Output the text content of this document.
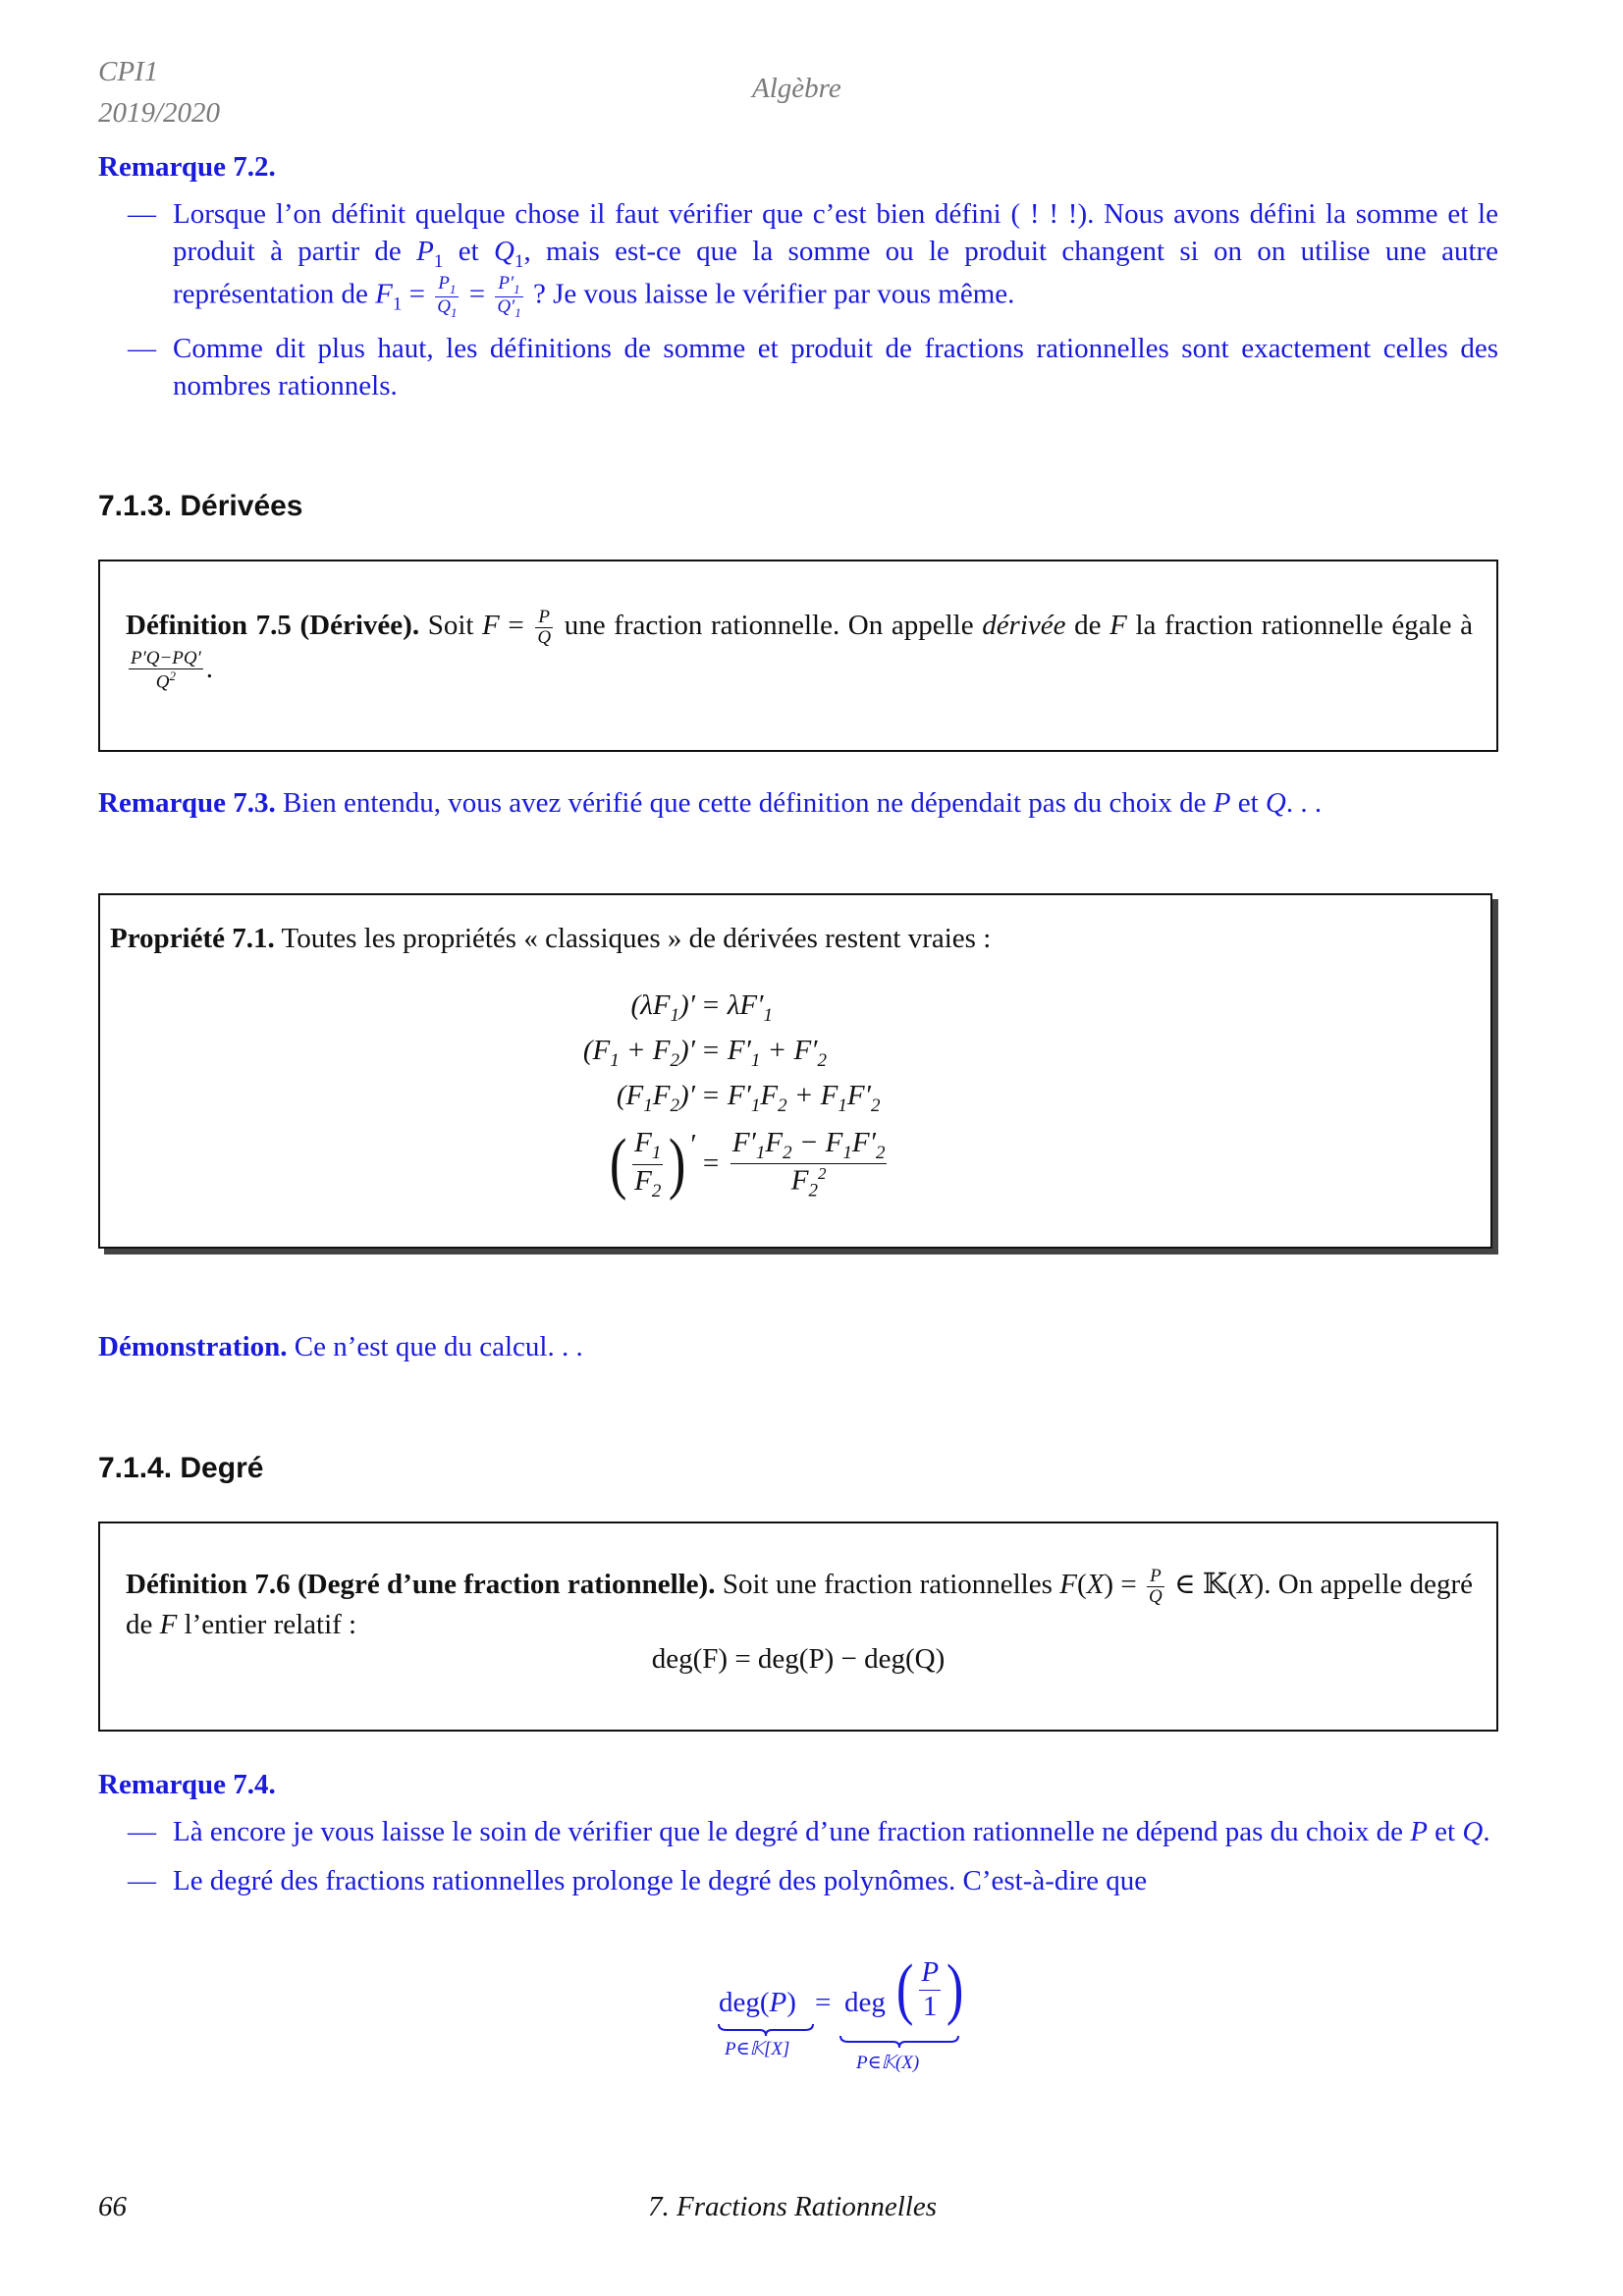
CPI1
2019/2020
Algèbre
Remarque 7.2.
— Lorsque l’on définit quelque chose il faut vérifier que c’est bien défini ( ! ! !). Nous avons défini la somme et le produit à partir de $P_1$ et $Q_1$, mais est-ce que la somme ou le produit changent si on on utilise une autre représentation de $F_1 = \frac{P_1}{Q_1} = \frac{P'_1}{Q'_1}$ ? Je vous laisse le vérifier par vous même.
— Comme dit plus haut, les définitions de somme et produit de fractions rationnelles sont exactement celles des nombres rationnels.
7.1.3. Dérivées
Définition 7.5 (Dérivée). Soit $F = \frac{P}{Q}$ une fraction rationnelle. On appelle dérivée de F la fraction rationnelle égale à
$\frac{P'Q-PQ'}{Q^2}$ .
Remarque 7.3. Bien entendu, vous avez vérifié que cette définition ne dépendait pas du choix de P et Q. . .
Propriété 7.1. Toutes les propriétés « classiques » de dérivées restent vraies :
$(\lambda F_1)' = \lambda F'_1$
$(F_1 + F_2)' = F'_1 + F'_2$
$(F_1F_2)' = F'_1F_2 + F_1F'_2$
( $\frac{F_1}{F_2}$ ) ′
= $\frac{F'_1F_2 - F_1F'_2}{F_2^2}$
Démonstration. Ce n’est que du calcul. . .
7.1.4. Degré
Définition 7.6 (Degré d’une fraction rationnelle). Soit une fraction rationnelles $F(X) = \frac{P}{Q}$ ∈ 𝕂(X). On appelle degré de F l’entier relatif :
deg(F) = deg(P) − deg(Q)
Remarque 7.4.
— Là encore je vous laisse le soin de vérifier que le degré d’une fraction rationnelle ne dépend pas du choix de P et Q.
— Le degré des fractions rationnelles prolonge le degré des polynômes. C’est-à-dire que
deg(P)
P∈𝕂[X]
= deg ( $\frac{P}{1}$ )
P∈𝕂(X)
66	7. Fractions Rationnelles
